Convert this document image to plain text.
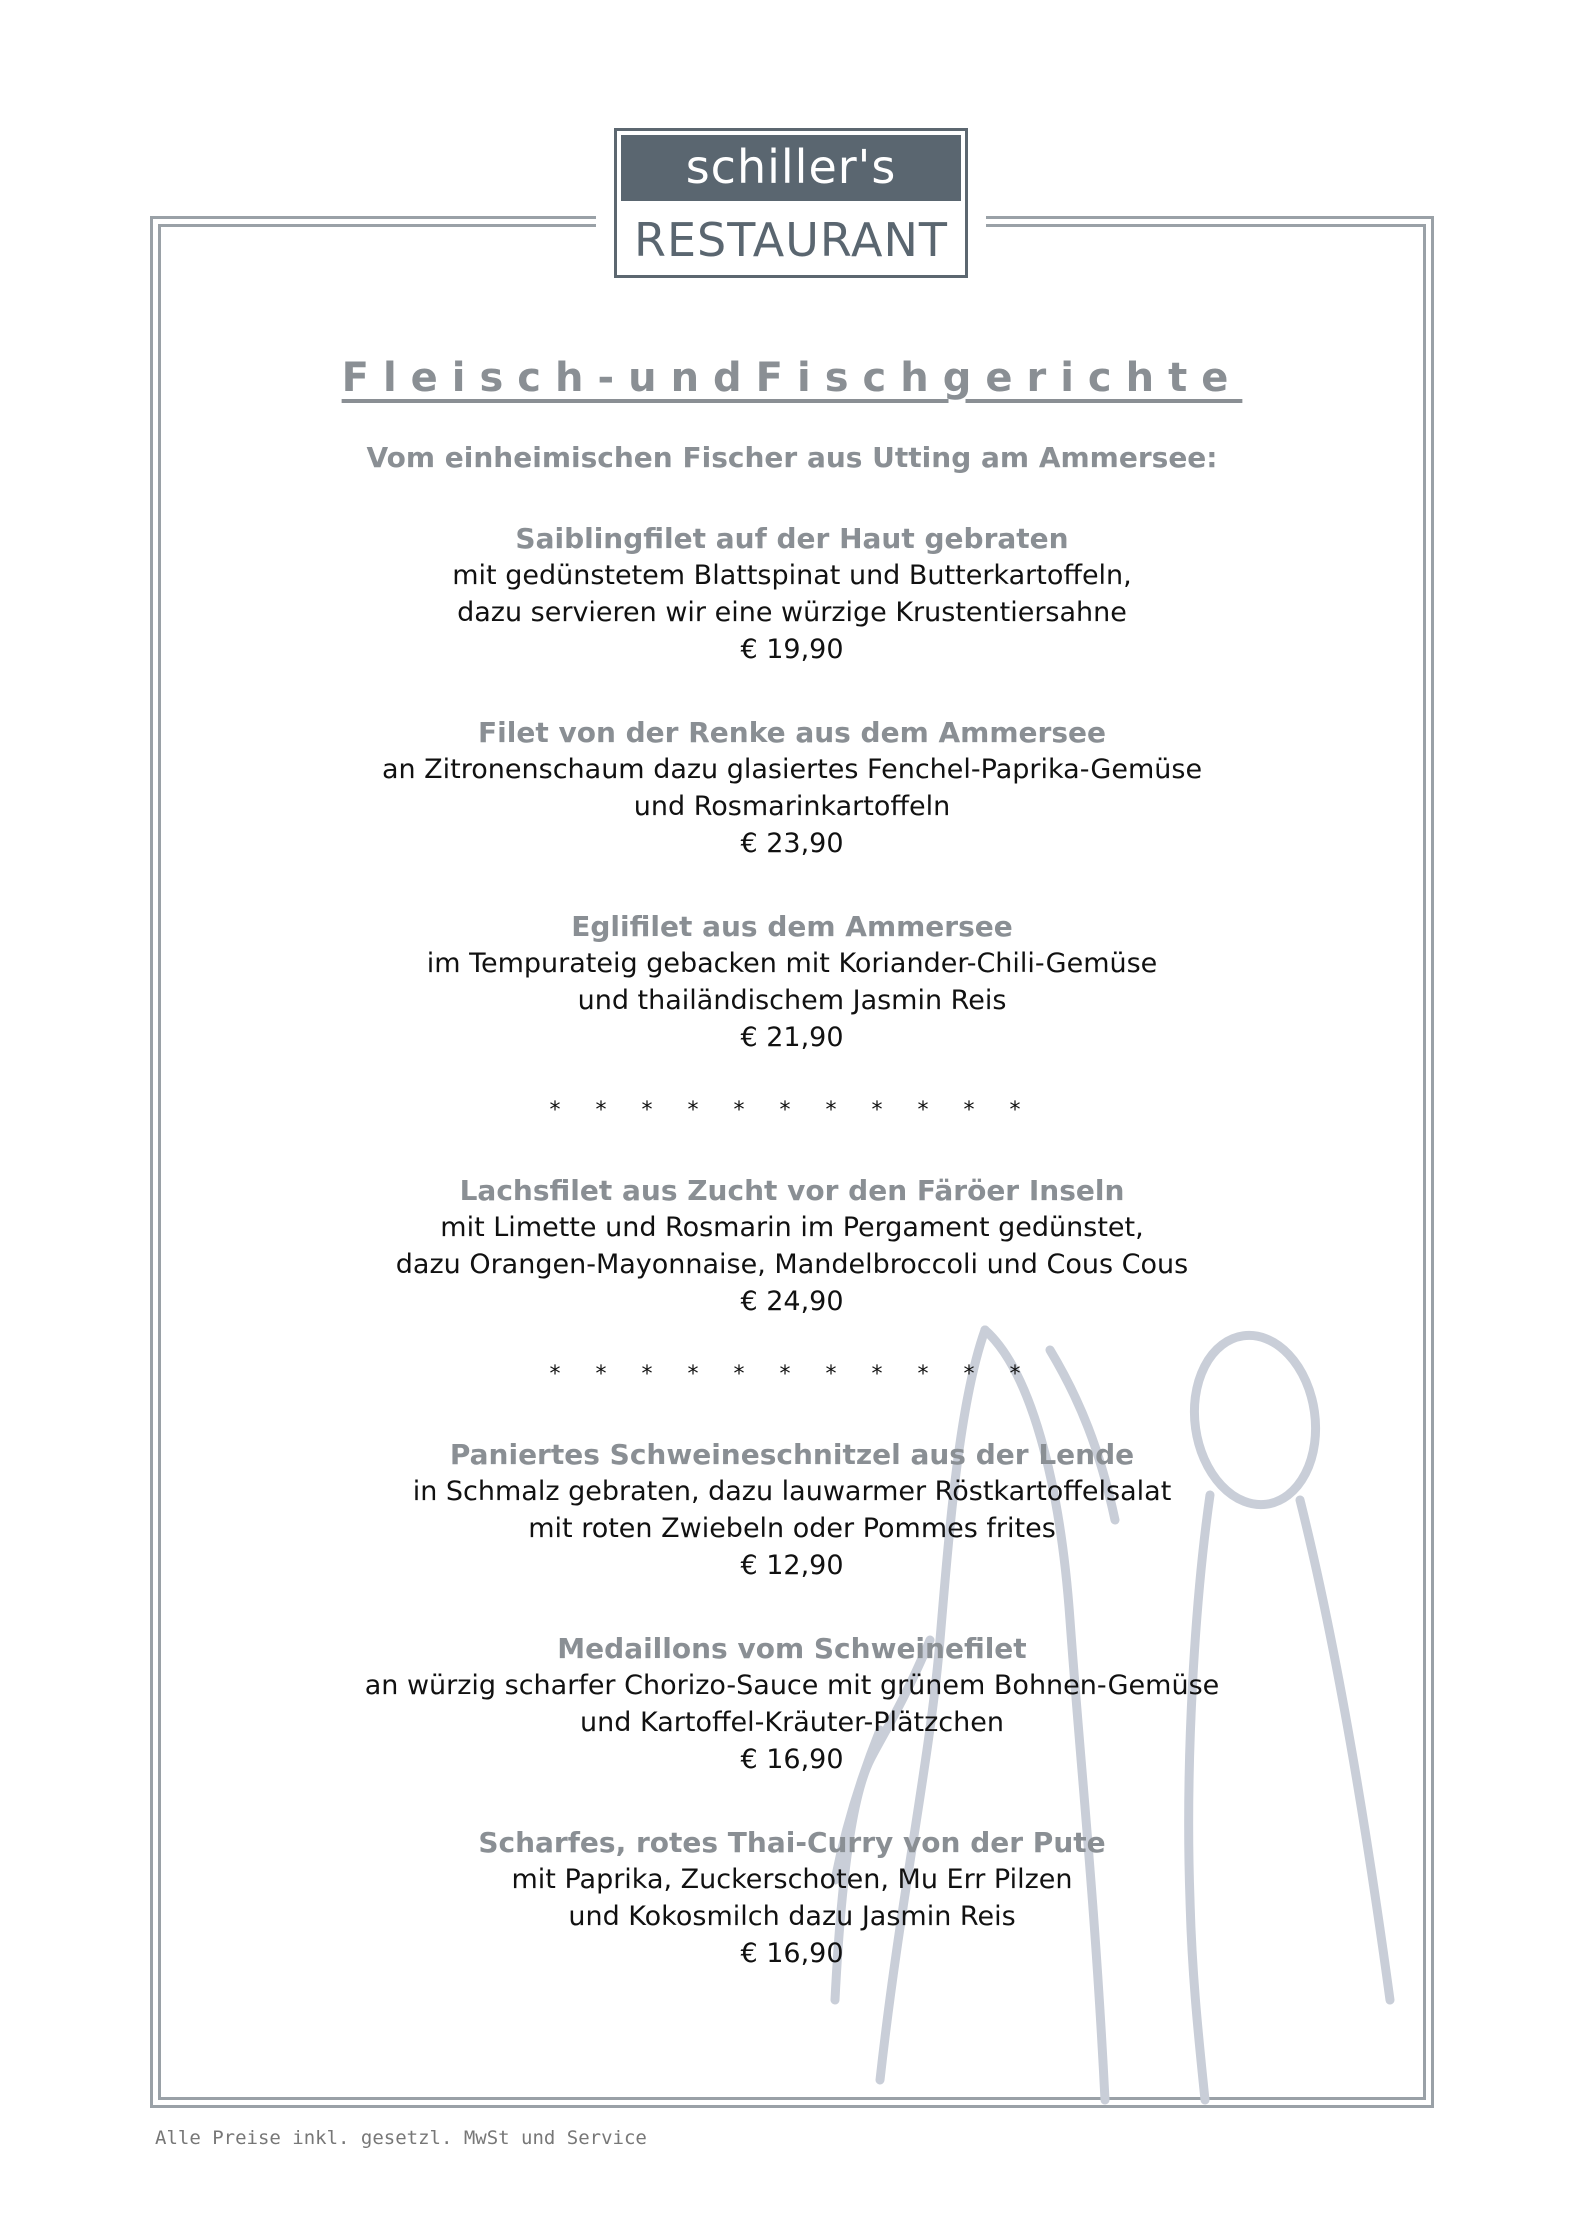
schiller's
RESTAURANT
Fleisch-undFischgerichte
Vom einheimischen Fischer aus Utting am Ammersee:
Saiblingfilet auf der Haut gebraten
mit gedünstetem Blattspinat und Butterkartoffeln,
dazu servieren wir eine würzige Krustentiersahne
€ 19,90
Filet von der Renke aus dem Ammersee
an Zitronenschaum dazu glasiertes Fenchel-Paprika-Gemüse
und Rosmarinkartoffeln
€ 23,90
Eglifilet aus dem Ammersee
im Tempurateig gebacken mit Koriander-Chili-Gemüse
und thailändischem Jasmin Reis
€ 21,90
* * * * * * * * * * *
Lachsfilet aus Zucht vor den Färöer Inseln
mit Limette und Rosmarin im Pergament gedünstet,
dazu Orangen-Mayonnaise, Mandelbroccoli und Cous Cous
€ 24,90
* * * * * * * * * * *
Paniertes Schweineschnitzel aus der Lende
in Schmalz gebraten, dazu lauwarmer Röstkartoffelsalat
mit roten Zwiebeln oder Pommes frites
€ 12,90
Medaillons vom Schweinefilet
an würzig scharfer Chorizo-Sauce mit grünem Bohnen-Gemüse
und Kartoffel-Kräuter-Plätzchen
€ 16,90
Scharfes, rotes Thai-Curry von der Pute
mit Paprika, Zuckerschoten, Mu Err Pilzen
und Kokosmilch dazu Jasmin Reis
€ 16,90
Alle Preise inkl. gesetzl. MwSt und Service
